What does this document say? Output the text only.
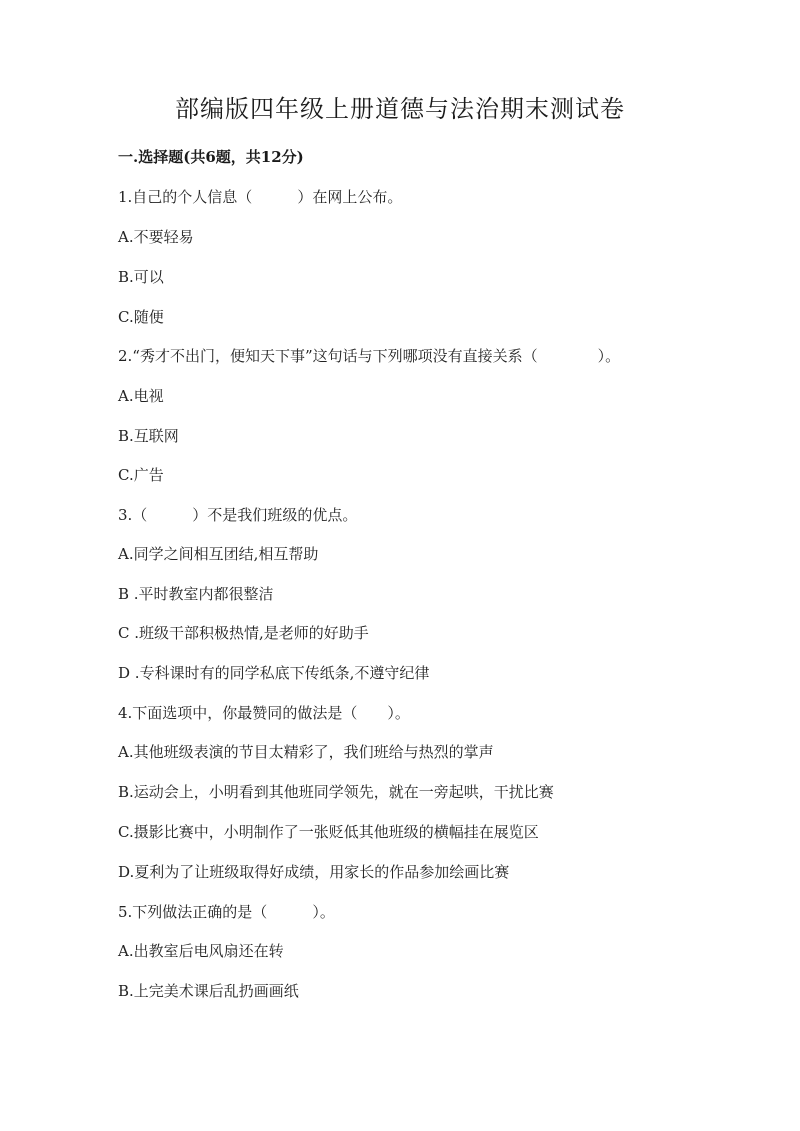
部编版四年级上册道德与法治期末测试卷
一.选择题(共6题，共12分)
1.自己的个人信息（　　　）在网上公布。
A.不要轻易
B.可以
C.随便
2.“秀才不出门，便知天下事”这句话与下列哪项没有直接关系（　　　　）。
A.电视
B.互联网
C.广告
3.（　　　）不是我们班级的优点。
A.同学之间相互团结,相互帮助
B .平时教室内都很整洁
C .班级干部积极热情,是老师的好助手
D .专科课时有的同学私底下传纸条,不遵守纪律
4.下面选项中，你最赞同的做法是（　　）。
A.其他班级表演的节目太精彩了，我们班给与热烈的掌声
B.运动会上，小明看到其他班同学领先，就在一旁起哄，干扰比赛
C.摄影比赛中，小明制作了一张贬低其他班级的横幅挂在展览区
D.夏利为了让班级取得好成绩，用家长的作品参加绘画比赛
5.下列做法正确的是（　　　）。
A.出教室后电风扇还在转
B.上完美术课后乱扔画画纸
